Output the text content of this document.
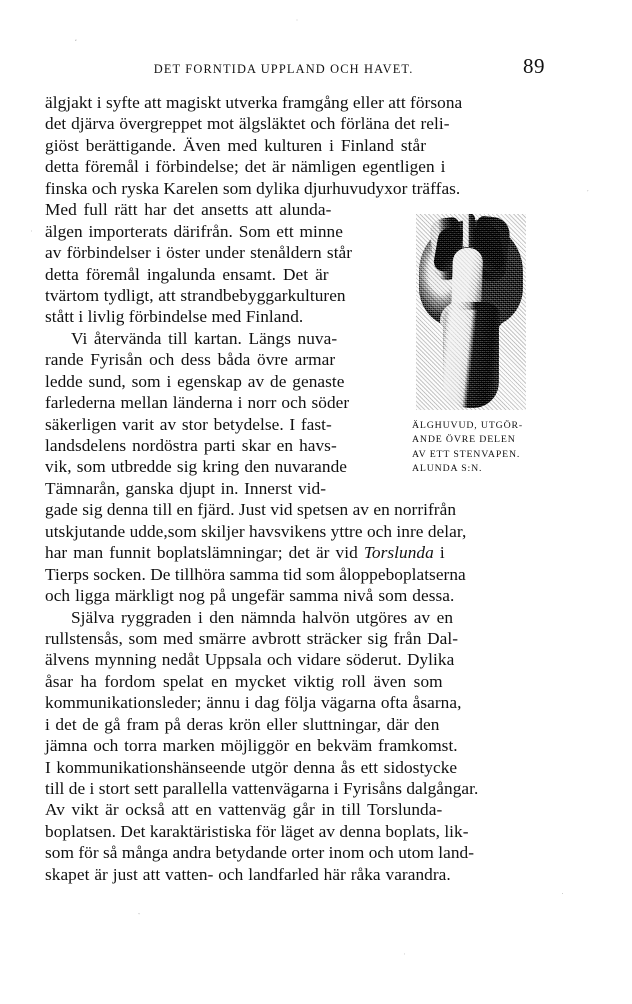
DET FORNTIDA UPPLAND OCH HAVET.	89
ÄLGHUVUD, UTGÖR-
ANDE ÖVRE DELEN
AV ETT STENVAPEN.
ALUNDA S:N.
älgjakt i syfte att magiskt utverka framgång eller att försona
det djärva övergreppet mot älgsläktet och förläna det reli-
giöst berättigande. Även med kulturen i Finland står
detta föremål i förbindelse; det är nämligen egentligen i
finska och ryska Karelen som dylika djurhuvudyxor träffas.
Med full rätt har det ansetts att alunda-
älgen importerats därifrån. Som ett minne
av förbindelser i öster under stenåldern står
detta föremål ingalunda ensamt. Det är
tvärtom tydligt, att strandbebyggarkulturen
stått i livlig förbindelse med Finland.
Vi återvända till kartan. Längs nuva-
rande Fyrisån och dess båda övre armar
ledde sund, som i egenskap av de genaste
farlederna mellan länderna i norr och söder
säkerligen varit av stor betydelse. I fast-
landsdelens nordöstra parti skar en havs-
vik, som utbredde sig kring den nuvarande
Tämnarån, ganska djupt in. Innerst vid-
gade sig denna till en fjärd. Just vid spetsen av en norrifrån
utskjutande udde,som skiljer havsvikens yttre och inre delar,
har man funnit boplatslämningar; det är vid Torslunda i
Tierps socken. De tillhöra samma tid som åloppeboplatserna
och ligga märkligt nog på ungefär samma nivå som dessa.
Själva ryggraden i den nämnda halvön utgöres av en
rullstensås, som med smärre avbrott sträcker sig från Dal-
älvens mynning nedåt Uppsala och vidare söderut. Dylika
åsar ha fordom spelat en mycket viktig roll även som
kommunikationsleder; ännu i dag följa vägarna ofta åsarna,
i det de gå fram på deras krön eller sluttningar, där den
jämna och torra marken möjliggör en bekväm framkomst.
I kommunikationshänseende utgör denna ås ett sidostycke
till de i stort sett parallella vattenvägarna i Fyrisåns dalgångar.
Av vikt är också att en vattenväg går in till Torslunda-
boplatsen. Det karaktäristiska för läget av denna boplats, lik-
som för så många andra betydande orter inom och utom land-
skapet är just att vatten- och landfarled här råka varandra.
